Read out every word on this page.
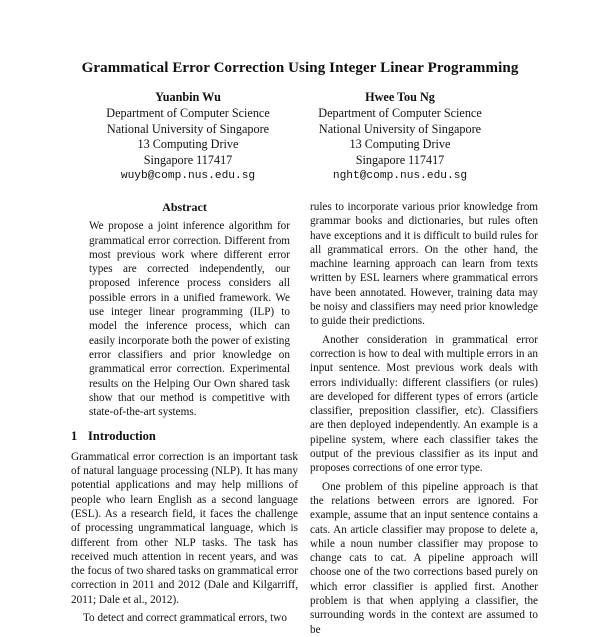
Grammatical Error Correction Using Integer Linear Programming
Yuanbin Wu
Department of Computer Science
National University of Singapore
13 Computing Drive
Singapore 117417
wuyb@comp.nus.edu.sg
Hwee Tou Ng
Department of Computer Science
National University of Singapore
13 Computing Drive
Singapore 117417
nght@comp.nus.edu.sg
Abstract

We propose a joint inference algorithm for grammatical error correction. Different from most previous work where different error types are corrected independently, our proposed inference process considers all possible errors in a unified framework. We use integer linear programming (ILP) to model the inference process, which can easily incorporate both the power of existing error classifiers and prior knowledge on grammatical error correction. Experimental results on the Helping Our Own shared task show that our method is competitive with state-of-the-art systems.

1 Introduction

Grammatical error correction is an important task of natural language processing (NLP). It has many potential applications and may help millions of people who learn English as a second language (ESL). As a research field, it faces the challenge of processing ungrammatical language, which is different from other NLP tasks. The task has received much attention in recent years, and was the focus of two shared tasks on grammatical error correction in 2011 and 2012 (Dale and Kilgarriff, 2011; Dale et al., 2012).

To detect and correct grammatical errors, two

rules to incorporate various prior knowledge from grammar books and dictionaries, but rules often have exceptions and it is difficult to build rules for all grammatical errors. On the other hand, the machine learning approach can learn from texts written by ESL learners where grammatical errors have been annotated. However, training data may be noisy and classifiers may need prior knowledge to guide their predictions.

Another consideration in grammatical error correction is how to deal with multiple errors in an input sentence. Most previous work deals with errors individually: different classifiers (or rules) are developed for different types of errors (article classifier, preposition classifier, etc). Classifiers are then deployed independently. An example is a pipeline system, where each classifier takes the output of the previous classifier as its input and proposes corrections of one error type.

One problem of this pipeline approach is that the relations between errors are ignored. For example, assume that an input sentence contains a cats. An article classifier may propose to delete a, while a noun number classifier may propose to change cats to cat. A pipeline approach will choose one of the two corrections based purely on which error classifier is applied first. Another problem is that when applying a classifier, the surrounding words in the context are assumed to be
